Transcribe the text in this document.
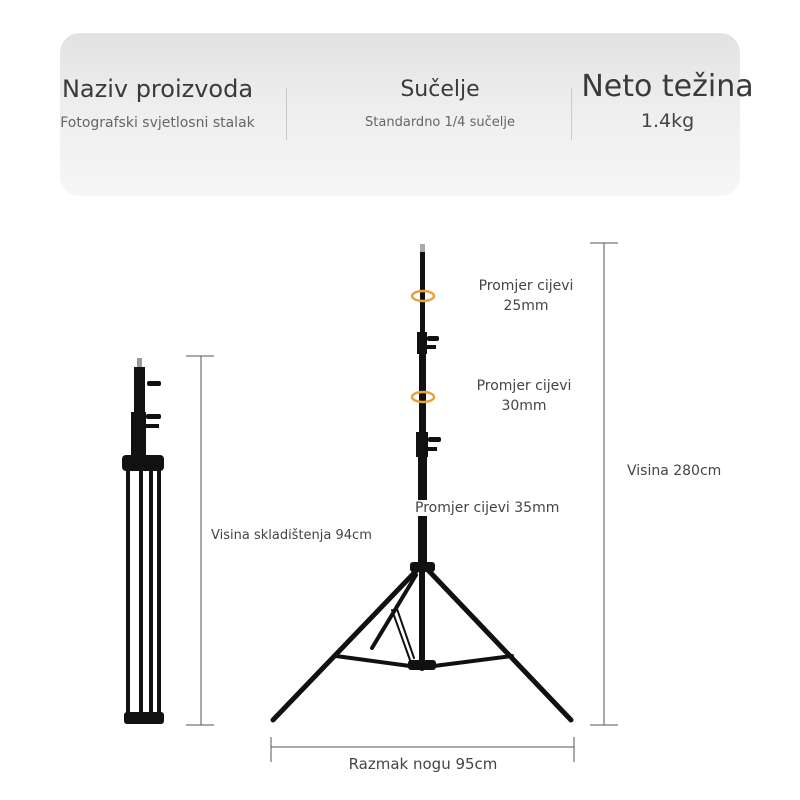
Naziv proizvoda
Fotografski svjetlosni stalak
Sučelje
Standardno 1/4 sučelje
Neto težina
1.4kg
Promjer cijevi
25mm
Promjer cijevi
30mm
Promjer cijevi 35mm
Visina 280cm
Visina skladištenja 94cm
Razmak nogu 95cm
